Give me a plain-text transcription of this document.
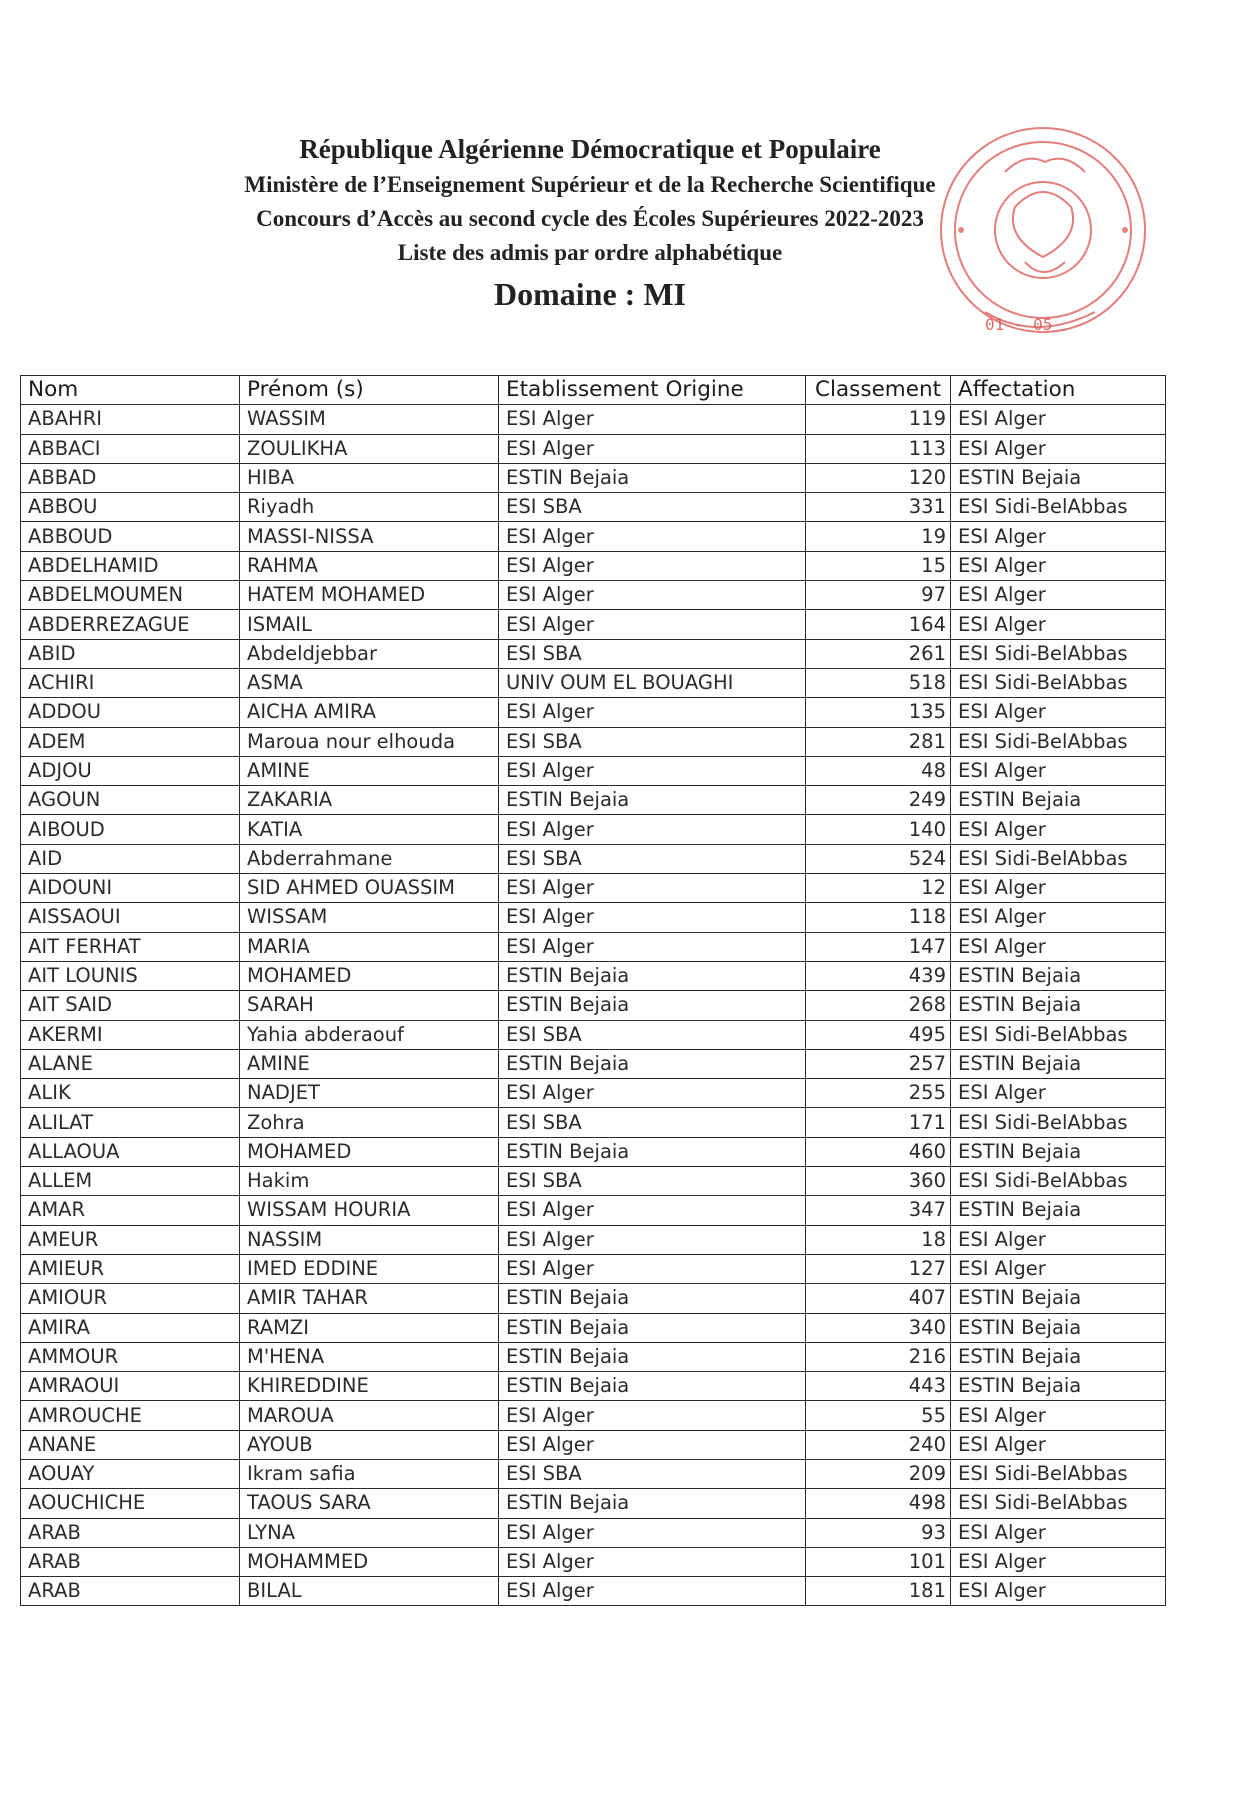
République Algérienne Démocratique et Populaire
Ministère de l’Enseignement Supérieur et de la Recherche Scientifique
Concours d’Accès au second cycle des Écoles Supérieures 2022-2023
Liste des admis par ordre alphabétique
Domaine : MI
01 - 05
Nom	Prénom (s)	Etablissement Origine	Classement	Affectation
ABAHRI	WASSIM	ESI Alger	119	ESI Alger
ABBACI	ZOULIKHA	ESI Alger	113	ESI Alger
ABBAD	HIBA	ESTIN Bejaia	120	ESTIN Bejaia
ABBOU	Riyadh	ESI SBA	331	ESI Sidi-BelAbbas
ABBOUD	MASSI-NISSA	ESI Alger	19	ESI Alger
ABDELHAMID	RAHMA	ESI Alger	15	ESI Alger
ABDELMOUMEN	HATEM MOHAMED	ESI Alger	97	ESI Alger
ABDERREZAGUE	ISMAIL	ESI Alger	164	ESI Alger
ABID	Abdeldjebbar	ESI SBA	261	ESI Sidi-BelAbbas
ACHIRI	ASMA	UNIV OUM EL BOUAGHI	518	ESI Sidi-BelAbbas
ADDOU	AICHA AMIRA	ESI Alger	135	ESI Alger
ADEM	Maroua nour elhouda	ESI SBA	281	ESI Sidi-BelAbbas
ADJOU	AMINE	ESI Alger	48	ESI Alger
AGOUN	ZAKARIA	ESTIN Bejaia	249	ESTIN Bejaia
AIBOUD	KATIA	ESI Alger	140	ESI Alger
AID	Abderrahmane	ESI SBA	524	ESI Sidi-BelAbbas
AIDOUNI	SID AHMED OUASSIM	ESI Alger	12	ESI Alger
AISSAOUI	WISSAM	ESI Alger	118	ESI Alger
AIT FERHAT	MARIA	ESI Alger	147	ESI Alger
AIT LOUNIS	MOHAMED	ESTIN Bejaia	439	ESTIN Bejaia
AIT SAID	SARAH	ESTIN Bejaia	268	ESTIN Bejaia
AKERMI	Yahia abderaouf	ESI SBA	495	ESI Sidi-BelAbbas
ALANE	AMINE	ESTIN Bejaia	257	ESTIN Bejaia
ALIK	NADJET	ESI Alger	255	ESI Alger
ALILAT	Zohra	ESI SBA	171	ESI Sidi-BelAbbas
ALLAOUA	MOHAMED	ESTIN Bejaia	460	ESTIN Bejaia
ALLEM	Hakim	ESI SBA	360	ESI Sidi-BelAbbas
AMAR	WISSAM HOURIA	ESI Alger	347	ESTIN Bejaia
AMEUR	NASSIM	ESI Alger	18	ESI Alger
AMIEUR	IMED EDDINE	ESI Alger	127	ESI Alger
AMIOUR	AMIR TAHAR	ESTIN Bejaia	407	ESTIN Bejaia
AMIRA	RAMZI	ESTIN Bejaia	340	ESTIN Bejaia
AMMOUR	M'HENA	ESTIN Bejaia	216	ESTIN Bejaia
AMRAOUI	KHIREDDINE	ESTIN Bejaia	443	ESTIN Bejaia
AMROUCHE	MAROUA	ESI Alger	55	ESI Alger
ANANE	AYOUB	ESI Alger	240	ESI Alger
AOUAY	Ikram safia	ESI SBA	209	ESI Sidi-BelAbbas
AOUCHICHE	TAOUS SARA	ESTIN Bejaia	498	ESI Sidi-BelAbbas
ARAB	LYNA	ESI Alger	93	ESI Alger
ARAB	MOHAMMED	ESI Alger	101	ESI Alger
ARAB	BILAL	ESI Alger	181	ESI Alger
